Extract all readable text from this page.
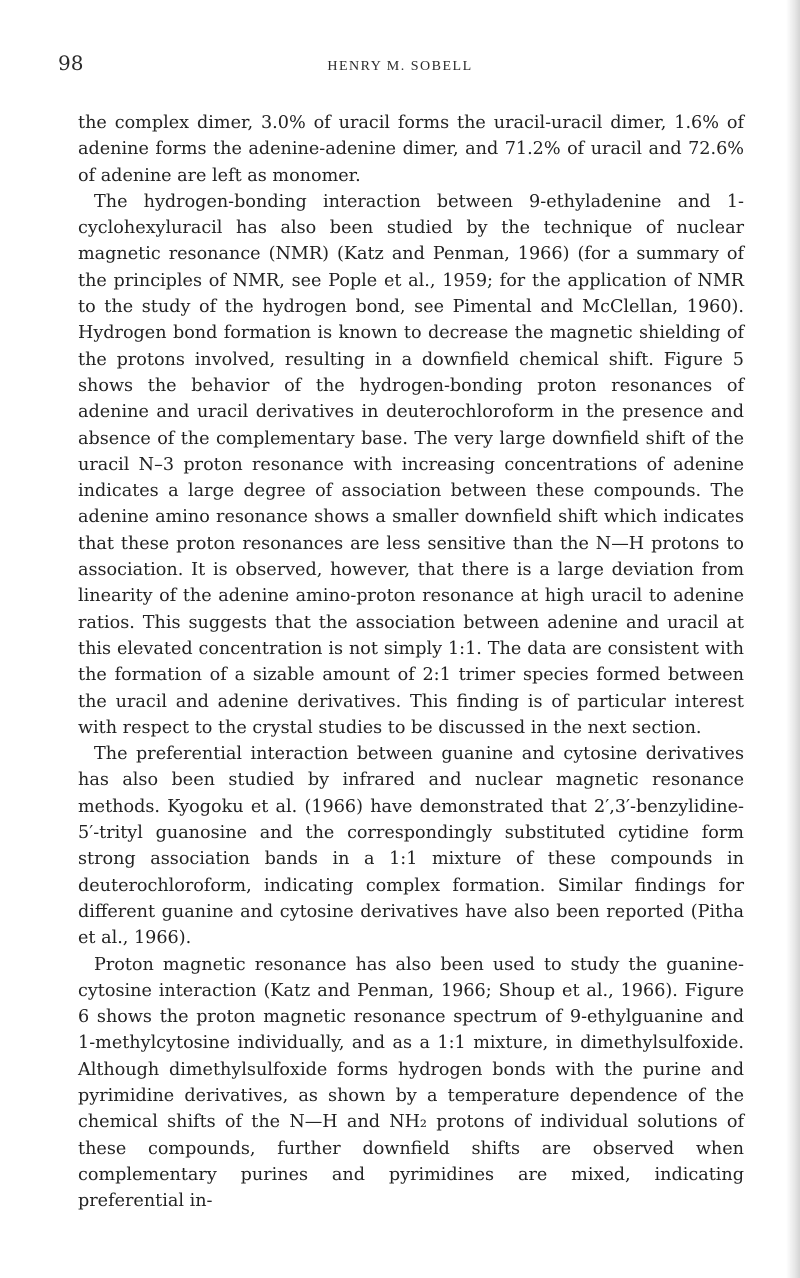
98	HENRY M. SOBELL

the complex dimer, 3.0% of uracil forms the uracil-uracil dimer, 1.6% of adenine forms the adenine-adenine dimer, and 71.2% of uracil and 72.6% of adenine are left as monomer.

The hydrogen-bonding interaction between 9-ethyladenine and 1-cyclohexyluracil has also been studied by the technique of nuclear magnetic resonance (NMR) (Katz and Penman, 1966) (for a summary of the principles of NMR, see Pople et al., 1959; for the application of NMR to the study of the hydrogen bond, see Pimental and McClellan, 1960). Hydrogen bond formation is known to decrease the magnetic shielding of the protons involved, resulting in a downfield chemical shift. Figure 5 shows the behavior of the hydrogen-bonding proton resonances of adenine and uracil derivatives in deuterochloroform in the presence and absence of the complementary base. The very large downfield shift of the uracil N–3 proton resonance with increasing concentrations of adenine indicates a large degree of association between these compounds. The adenine amino resonance shows a smaller downfield shift which indicates that these proton resonances are less sensitive than the N—H protons to association. It is observed, however, that there is a large deviation from linearity of the adenine amino-proton resonance at high uracil to adenine ratios. This suggests that the association between adenine and uracil at this elevated concentration is not simply 1:1. The data are consistent with the formation of a sizable amount of 2:1 trimer species formed between the uracil and adenine derivatives. This finding is of particular interest with respect to the crystal studies to be discussed in the next section.

The preferential interaction between guanine and cytosine derivatives has also been studied by infrared and nuclear magnetic resonance methods. Kyogoku et al. (1966) have demonstrated that 2′,3′-benzylidine-5′-trityl guanosine and the correspondingly substituted cytidine form strong association bands in a 1:1 mixture of these compounds in deuterochloroform, indicating complex formation. Similar findings for different guanine and cytosine derivatives have also been reported (Pitha et al., 1966).

Proton magnetic resonance has also been used to study the guanine-cytosine interaction (Katz and Penman, 1966; Shoup et al., 1966). Figure 6 shows the proton magnetic resonance spectrum of 9-ethylguanine and 1-methylcytosine individually, and as a 1:1 mixture, in dimethylsulfoxide. Although dimethylsulfoxide forms hydrogen bonds with the purine and pyrimidine derivatives, as shown by a temperature dependence of the chemical shifts of the N—H and NH₂ protons of individual solutions of these compounds, further downfield shifts are observed when complementary purines and pyrimidines are mixed, indicating preferential in-
